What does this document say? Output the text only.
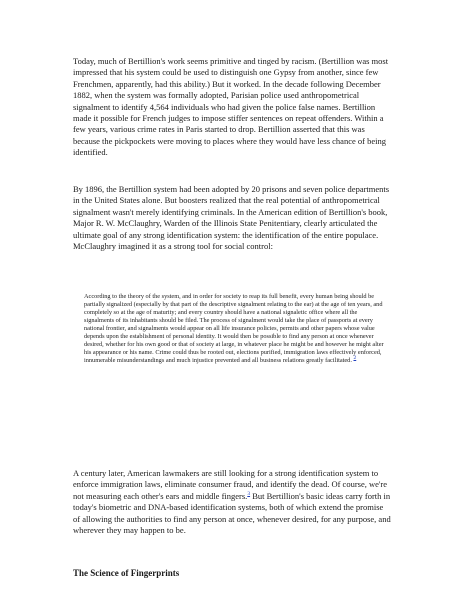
Today, much of Bertillion's work seems primitive and tinged by racism. (Bertillion was most impressed that his system could be used to distinguish one Gypsy from another, since few Frenchmen, apparently, had this ability.) But it worked. In the decade following December 1882, when the system was formally adopted, Parisian police used anthropometrical signalment to identify 4,564 individuals who had given the police false names. Bertillion made it possible for French judges to impose stiffer sentences on repeat offenders. Within a few years, various crime rates in Paris started to drop. Bertillion asserted that this was because the pickpockets were moving to places where they would have less chance of being identified.

By 1896, the Bertillion system had been adopted by 20 prisons and seven police departments in the United States alone. But boosters realized that the real potential of anthropometrical signalment wasn't merely identifying criminals. In the American edition of Bertillion's book, Major R. W. McClaughry, Warden of the Illinois State Penitentiary, clearly articulated the ultimate goal of any strong identification system: the identification of the entire populace. McClaughry imagined it as a strong tool for social control:

According to the theory of the system, and in order for society to reap its full benefit, every human being should be partially signalized (especially by that part of the descriptive signalment relating to the ear) at the age of ten years, and completely so at the age of maturity; and every country should have a national signaletic office where all the signalments of its inhabitants should be filed. The process of signalment would take the place of passports at every national frontier, and signalments would appear on all life insurance policies, permits and other papers whose value depends upon the establishment of personal identity. It would then be possible to find any person at once whenever desired, whether for his own good or that of society at large, in whatever place he might be and however he might alter his appearance or his name. Crime could thus be rooted out, elections purified, immigration laws effectively enforced, innumerable misunderstandings and much injustice prevented and all business relations greatly facilitated. $^2$

A century later, American lawmakers are still looking for a strong identification system to enforce immigration laws, eliminate consumer fraud, and identify the dead. Of course, we're not measuring each other's ears and middle fingers.$^3$ But Bertillion's basic ideas carry forth in today's biometric and DNA-based identification systems, both of which extend the promise of allowing the authorities to find any person at once, whenever desired, for any purpose, and wherever they may happen to be.

The Science of Fingerprints
